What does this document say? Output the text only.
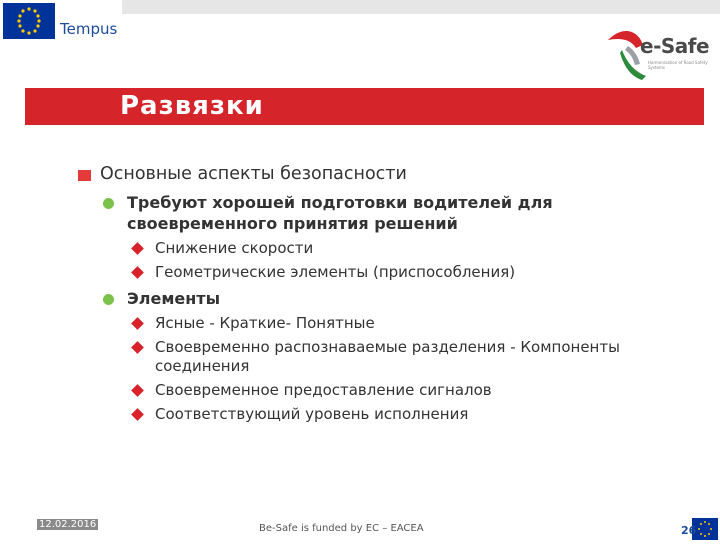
Tempus
e-Safe
Harmonisation of Road Safety Systems
Развязки
Основные аспекты безопасности
Требуют хорошей подготовки водителей для
своевременного принятия решений
Снижение скорости
Геометрические элементы (приспособления)
Элементы
Ясные - Краткие- Понятные
Своевременно распознаваемые разделения - Компоненты
соединения
Своевременное предоставление сигналов
Соответствующий уровень исполнения
12.02.2016	Be-Safe is funded by EC – EACEA	26
